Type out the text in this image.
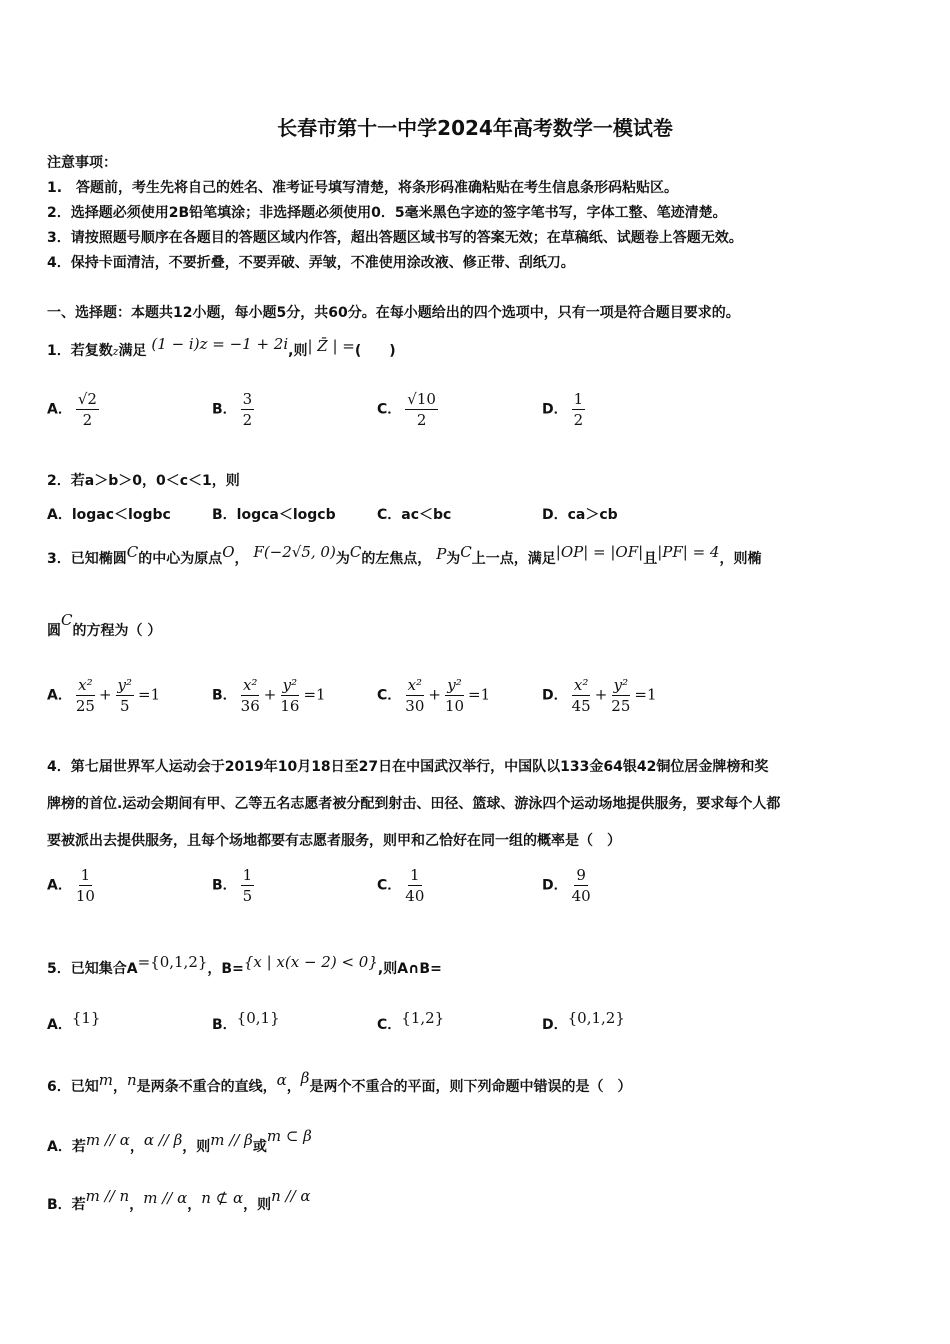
长春市第十一中学2024年高考数学一模试卷
注意事项：
1.　答题前，考生先将自己的姓名、准考证号填写清楚，将条形码准确粘贴在考生信息条形码粘贴区。
2．选择题必须使用2B铅笔填涂；非选择题必须使用0．5毫米黑色字迹的签字笔书写，字体工整、笔迹清楚。
3．请按照题号顺序在各题目的答题区域内作答，超出答题区域书写的答案无效；在草稿纸、试题卷上答题无效。
4．保持卡面清洁，不要折叠，不要弄破、弄皱，不准使用涂改液、修正带、刮纸刀。
一、选择题：本题共12小题，每小题5分，共60分。在每小题给出的四个选项中，只有一项是符合题目要求的。
1．若复数z满足 (1 − i)z = −1 + 2i,则| Z̄ | =(　　)
A． $\frac{√2}{2}$	B． $\frac{3}{2}$	C． $\frac{√10}{2}$	D． $\frac{1}{2}$
2．若a＞b＞0，0＜c＜1，则
A．logac＜logbc	B．logca＜logcb	C．ac＜bc	D．ca＞cb
3．已知椭圆C的中心为原点O， F(−2√5, 0)为C的左焦点， P为C上一点，满足|OP| = |OF|且|PF| = 4，则椭
圆C的方程为（ ）
A． $\frac{\text{x²}}{25} + \frac{\text{y²}}{5} =1$	B． $\frac{\text{x²}}{36} + \frac{\text{y²}}{16} =1$	C． $\frac{\text{x²}}{30} + \frac{\text{y²}}{10} =1$	D． $\frac{\text{x²}}{45} + \frac{\text{y²}}{25} =1$
4．第七届世界军人运动会于2019年10月18日至27日在中国武汉举行，中国队以133金64银42铜位居金牌榜和奖
牌榜的首位.运动会期间有甲、乙等五名志愿者被分配到射击、田径、篮球、游泳四个运动场地提供服务，要求每个人都
要被派出去提供服务，且每个场地都要有志愿者服务，则甲和乙恰好在同一组的概率是（　）
A． $\frac{1}{10}$	B． $\frac{1}{5}$	C． $\frac{1}{40}$	D． $\frac{9}{40}$
5．已知集合A={0,1,2}，B={x | x(x − 2) < 0},则A∩B=
A．{1}	B．{0,1}	C．{1,2}	D．{0,1,2}
6．已知m，n是两条不重合的直线，α，β是两个不重合的平面，则下列命题中错误的是（　）
A．若m // α，α // β，则m // β或m ⊂ β
B．若m // n，m // α，n ⊄ α，则n // α
